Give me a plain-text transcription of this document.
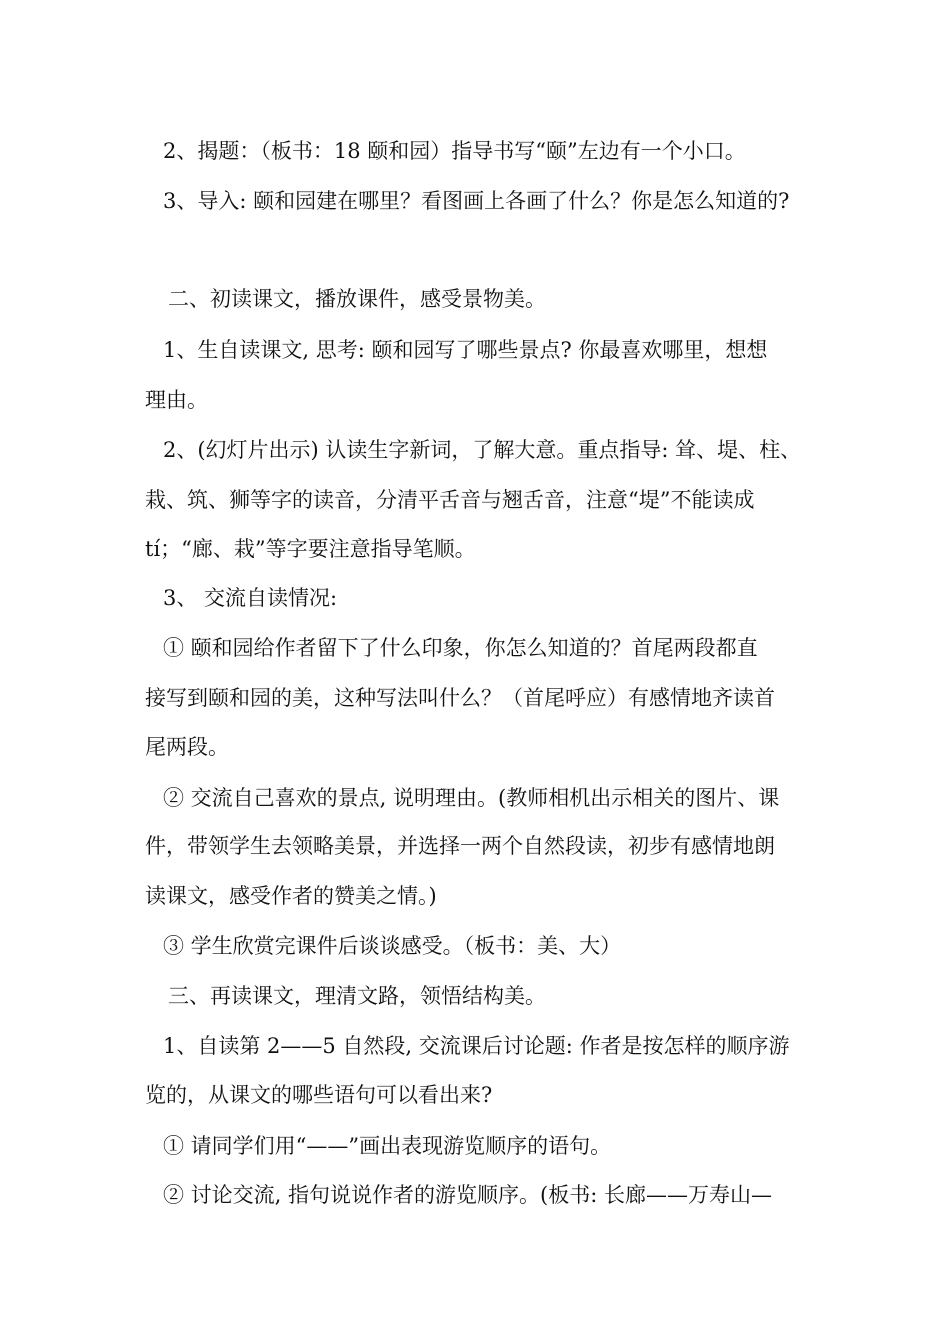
2、揭题：（板书：18 颐和园）指导书写“颐”左边有一个小口。
3、导入: 颐和园建在哪里？看图画上各画了什么？你是怎么知道的?
二、初读课文，播放课件，感受景物美。
1、生自读课文, 思考: 颐和园写了哪些景点? 你最喜欢哪里，想想
理由。
2、(幻灯片出示) 认读生字新词，了解大意。重点指导: 耸、堤、柱、
栽、筑、狮等字的读音，分清平舌音与翘舌音，注意“堤”不能读成
tí；“廊、栽”等字要注意指导笔顺。
3、 交流自读情况:
① 颐和园给作者留下了什么印象，你怎么知道的？首尾两段都直
接写到颐和园的美，这种写法叫什么？（首尾呼应）有感情地齐读首
尾两段。
② 交流自己喜欢的景点, 说明理由。(教师相机出示相关的图片、课
件，带领学生去领略美景，并选择一两个自然段读，初步有感情地朗
读课文，感受作者的赞美之情。)
③ 学生欣赏完课件后谈谈感受。（板书：美、大）
三、再读课文，理清文路，领悟结构美。
1、自读第 2——5 自然段, 交流课后讨论题: 作者是按怎样的顺序游
览的，从课文的哪些语句可以看出来?
① 请同学们用“——”画出表现游览顺序的语句。
② 讨论交流, 指句说说作者的游览顺序。(板书: 长廊——万寿山—
